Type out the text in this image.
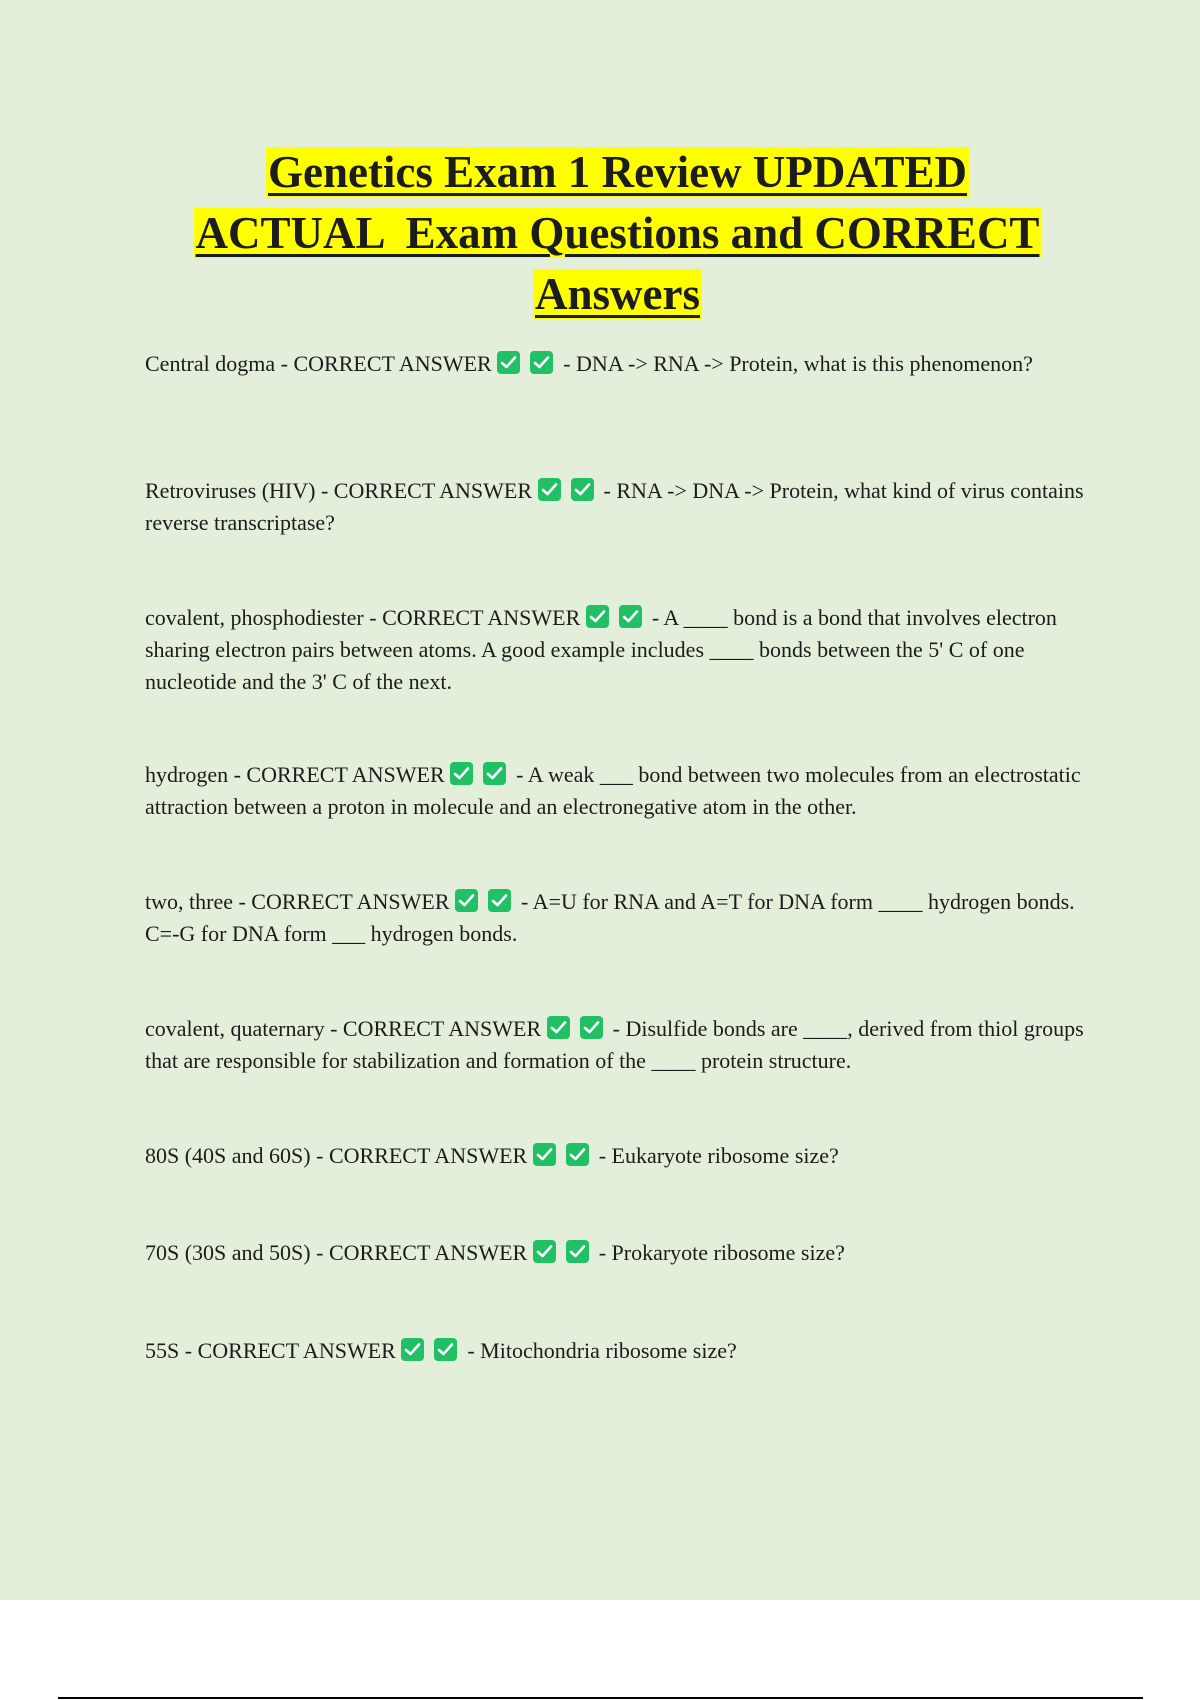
Genetics Exam 1 Review UPDATED
ACTUAL  Exam Questions and CORRECT
Answers
Central dogma - CORRECT ANSWER	- DNA -> RNA -> Protein, what is this phenomenon?
Retroviruses (HIV) - CORRECT ANSWER	- RNA -> DNA -> Protein, what kind of virus contains reverse transcriptase?
covalent, phosphodiester - CORRECT ANSWER	- A ____ bond is a bond that involves electron sharing electron pairs between atoms. A good example includes ____ bonds between the 5' C of one nucleotide and the 3' C of the next.
hydrogen - CORRECT ANSWER	- A weak ___ bond between two molecules from an electrostatic attraction between a proton in molecule and an electronegative atom in the other.
two, three - CORRECT ANSWER	- A=U for RNA and A=T for DNA form ____ hydrogen bonds. C=-G for DNA form ___ hydrogen bonds.
covalent, quaternary - CORRECT ANSWER	- Disulfide bonds are ____, derived from thiol groups that are responsible for stabilization and formation of the ____ protein structure.
80S (40S and 60S) - CORRECT ANSWER	- Eukaryote ribosome size?
70S (30S and 50S) - CORRECT ANSWER	- Prokaryote ribosome size?
55S - CORRECT ANSWER	- Mitochondria ribosome size?
